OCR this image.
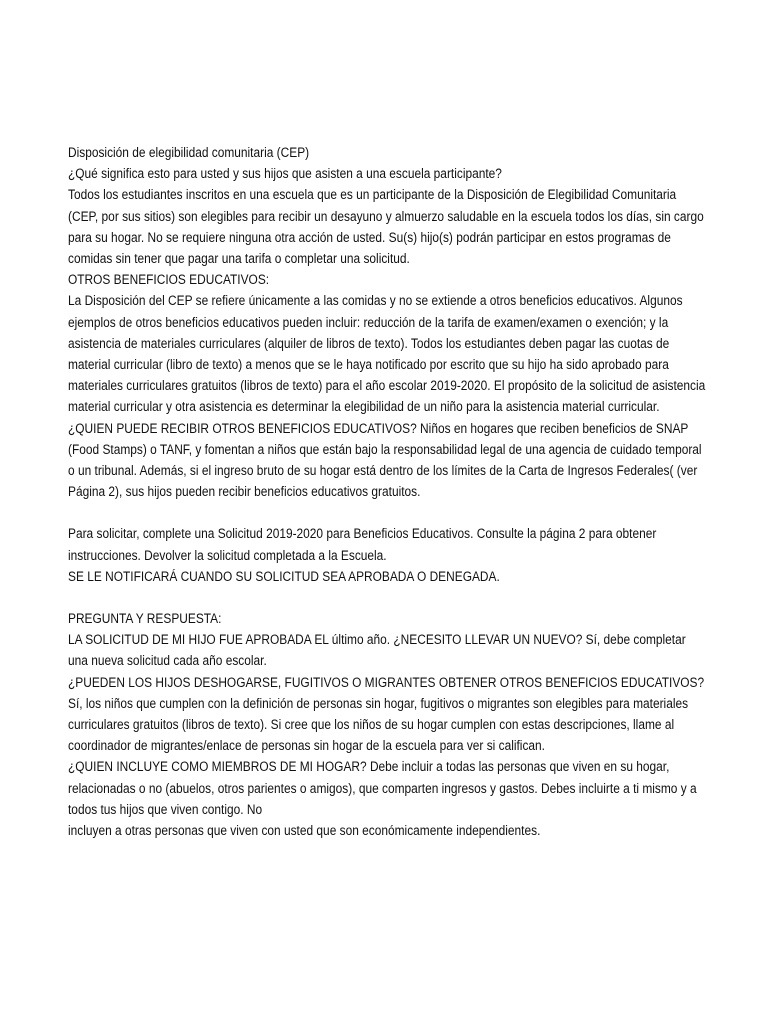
Disposición de elegibilidad comunitaria (CEP)

¿Qué significa esto para usted y sus hijos que asisten a una escuela participante?

Todos los estudiantes inscritos en una escuela que es un participante de la Disposición de Elegibilidad Comunitaria (CEP, por sus sitios) son elegibles para recibir un desayuno y almuerzo saludable en la escuela todos los días, sin cargo para su hogar. No se requiere ninguna otra acción de usted. Su(s) hijo(s) podrán participar en estos programas de comidas sin tener que pagar una tarifa o completar una solicitud.

OTROS BENEFICIOS EDUCATIVOS:

La Disposición del CEP se refiere únicamente a las comidas y no se extiende a otros beneficios educativos. Algunos ejemplos de otros beneficios educativos pueden incluir: reducción de la tarifa de examen/examen o exención; y la asistencia de materiales curriculares (alquiler de libros de texto). Todos los estudiantes deben pagar las cuotas de material curricular (libro de texto) a menos que se le haya notificado por escrito que su hijo ha sido aprobado para materiales curriculares gratuitos (libros de texto) para el año escolar 2019-2020. El propósito de la solicitud de asistencia material curricular y otra asistencia es determinar la elegibilidad de un niño para la asistencia material curricular.

¿QUIEN PUEDE RECIBIR OTROS BENEFICIOS EDUCATIVOS? Niños en hogares que reciben beneficios de SNAP (Food Stamps) o TANF, y fomentan a niños que están bajo la responsabilidad legal de una agencia de cuidado temporal o un tribunal. Además, si el ingreso bruto de su hogar está dentro de los límites de la Carta de Ingresos Federales( (ver Página 2), sus hijos pueden recibir beneficios educativos gratuitos.

Para solicitar, complete una Solicitud 2019-2020 para Beneficios Educativos. Consulte la página 2 para obtener instrucciones. Devolver la solicitud completada a la Escuela.

SE LE NOTIFICARÁ CUANDO SU SOLICITUD SEA APROBADA O DENEGADA.

PREGUNTA Y RESPUESTA:

LA SOLICITUD DE MI HIJO FUE APROBADA EL último año. ¿NECESITO LLEVAR UN NUEVO? Sí, debe completar una nueva solicitud cada año escolar.

¿PUEDEN LOS HIJOS DESHOGARSE, FUGITIVOS O MIGRANTES OBTENER OTROS BENEFICIOS EDUCATIVOS? Sí, los niños que cumplen con la definición de personas sin hogar, fugitivos o migrantes son elegibles para materiales curriculares gratuitos (libros de texto). Si cree que los niños de su hogar cumplen con estas descripciones, llame al coordinador de migrantes/enlace de personas sin hogar de la escuela para ver si califican.

¿QUIEN INCLUYE COMO MIEMBROS DE MI HOGAR? Debe incluir a todas las personas que viven en su hogar, relacionadas o no (abuelos, otros parientes o amigos), que comparten ingresos y gastos. Debes incluirte a ti mismo y a todos tus hijos que viven contigo. No

incluyen a otras personas que viven con usted que son económicamente independientes.
